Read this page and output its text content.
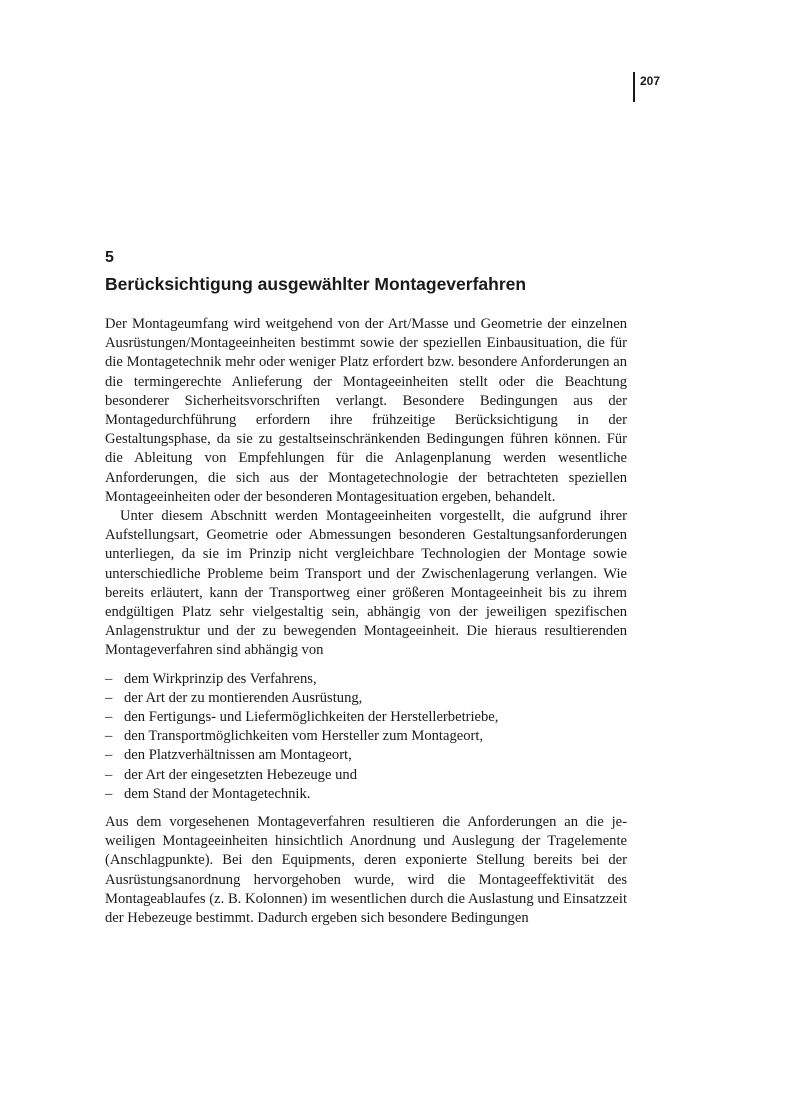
207
5
Berücksichtigung ausgewählter Montageverfahren

Der Montageumfang wird weitgehend von der Art/Masse und Geometrie der einzelnen Ausrüstungen/Montageeinheiten bestimmt sowie der speziellen Einbausituation, die für die Montagetechnik mehr oder weniger Platz erfordert bzw. besondere Anforderungen an die termingerechte Anlieferung der Montageeinheiten stellt oder die Beachtung besonderer Sicherheitsvorschriften verlangt. Besondere Bedingungen aus der Montagedurchführung erfordern ihre frühzeitige Berücksichtigung in der Gestaltungsphase, da sie zu gestaltseinschränkenden Bedingungen führen können. Für die Ableitung von Empfehlungen für die Anlagenplanung werden wesentliche Anforderungen, die sich aus der Montagetechnologie der betrachteten speziellen Montageeinheiten oder der besonderen Montagesituation ergeben, behandelt.

Unter diesem Abschnitt werden Montageeinheiten vorgestellt, die aufgrund ihrer Aufstellungsart, Geometrie oder Abmessungen besonderen Gestaltungsanforderungen unterliegen, da sie im Prinzip nicht vergleichbare Technologien der Montage sowie unterschiedliche Probleme beim Transport und der Zwischenlagerung verlangen. Wie bereits erläutert, kann der Transportweg einer größeren Montageeinheit bis zu ihrem endgültigen Platz sehr vielgestaltig sein, abhängig von der jeweiligen spezifischen Anlagenstruktur und der zu bewegenden Montageeinheit. Die hieraus resultierenden Montageverfahren sind abhängig von

– dem Wirkprinzip des Verfahrens,
– der Art der zu montierenden Ausrüstung,
– den Fertigungs- und Liefermöglichkeiten der Herstellerbetriebe,
– den Transportmöglichkeiten vom Hersteller zum Montageort,
– den Platzverhältnissen am Montageort,
– der Art der eingesetzten Hebezeuge und
– dem Stand der Montagetechnik.

Aus dem vorgesehenen Montageverfahren resultieren die Anforderungen an die jeweiligen Montageeinheiten hinsichtlich Anordnung und Auslegung der Tragelemente (Anschlagpunkte). Bei den Equipments, deren exponierte Stellung bereits bei der Ausrüstungsanordnung hervorgehoben wurde, wird die Montageeffektivität des Montageablaufes (z. B. Kolonnen) im wesentlichen durch die Auslastung und Einsatzzeit der Hebezeuge bestimmt. Dadurch ergeben sich besondere Bedingungen
